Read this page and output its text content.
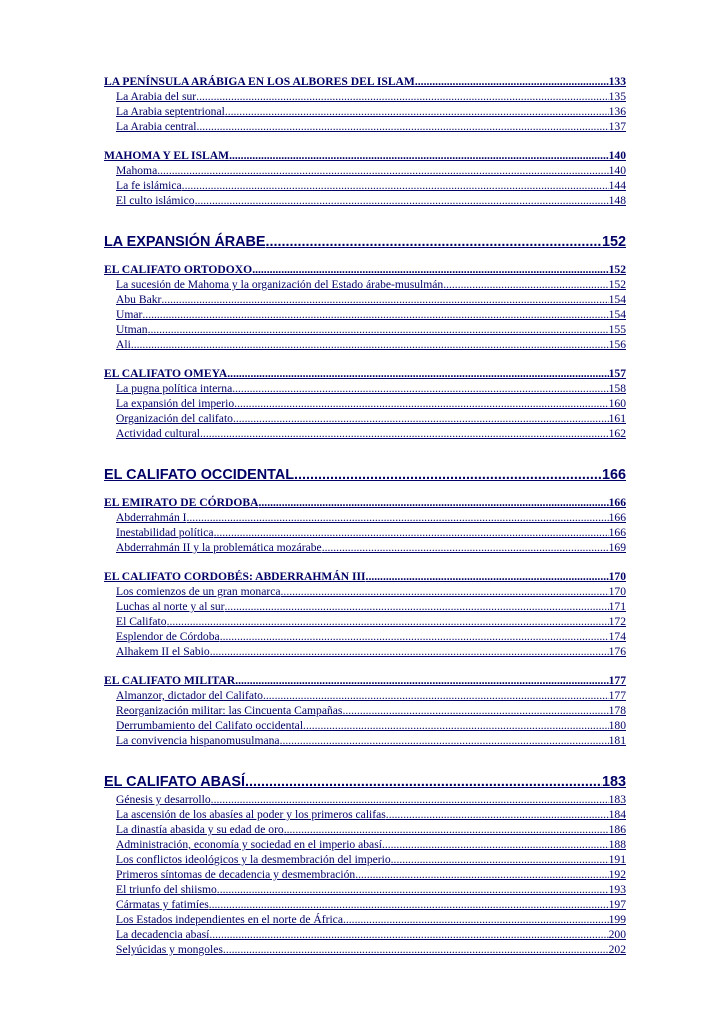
LA PENÍNSULA ARÁBIGA EN LOS ALBORES DEL ISLAM .....	133
La Arabia del sur .....	135
La Arabia septentrional .....	136
La Arabia central .....	137
MAHOMA Y EL ISLAM .....	140
Mahoma .....	140
La fe islámica .....	144
El culto islámico .....	148
LA EXPANSIÓN ÁRABE .....	152
EL CALIFATO ORTODOXO .....	152
La sucesión de Mahoma y la organización del Estado árabe-musulmán .....	152
Abu Bakr .....	154
Umar .....	154
Utman .....	155
Ali .....	156
EL CALIFATO OMEYA .....	157
La pugna política interna .....	158
La expansión del imperio .....	160
Organización del califato .....	161
Actividad cultural .....	162
EL CALIFATO OCCIDENTAL .....	166
EL EMIRATO DE CÓRDOBA .....	166
Abderrahmán I .....	166
Inestabilidad política .....	166
Abderrahmán II y la problemática mozárabe .....	169
EL CALIFATO CORDOBÉS: ABDERRAHMÁN III .....	170
Los comienzos de un gran monarca .....	170
Luchas al norte y al sur .....	171
El Califato .....	172
Esplendor de Córdoba .....	174
Alhakem II el Sabio .....	176
EL CALIFATO MILITAR .....	177
Almanzor, dictador del Califato .....	177
Reorganización militar: las Cincuenta Campañas .....	178
Derrumbamiento del Califato occidental .....	180
La convivencia hispanomusulmana .....	181
EL CALIFATO ABASÍ .....	183
Génesis y desarrollo .....	183
La ascensión de los abasíes al poder y los primeros califas .....	184
La dinastía abasida y su edad de oro .....	186
Administración, economía y sociedad en el imperio abasí .....	188
Los conflictos ideológicos y la desmembración del imperio .....	191
Primeros síntomas de decadencia y desmembración .....	192
El triunfo del shiismo .....	193
Cármatas y fatimíes .....	197
Los Estados independientes en el norte de África .....	199
La decadencia abasí .....	200
Selyúcidas y mongoles .....	202
